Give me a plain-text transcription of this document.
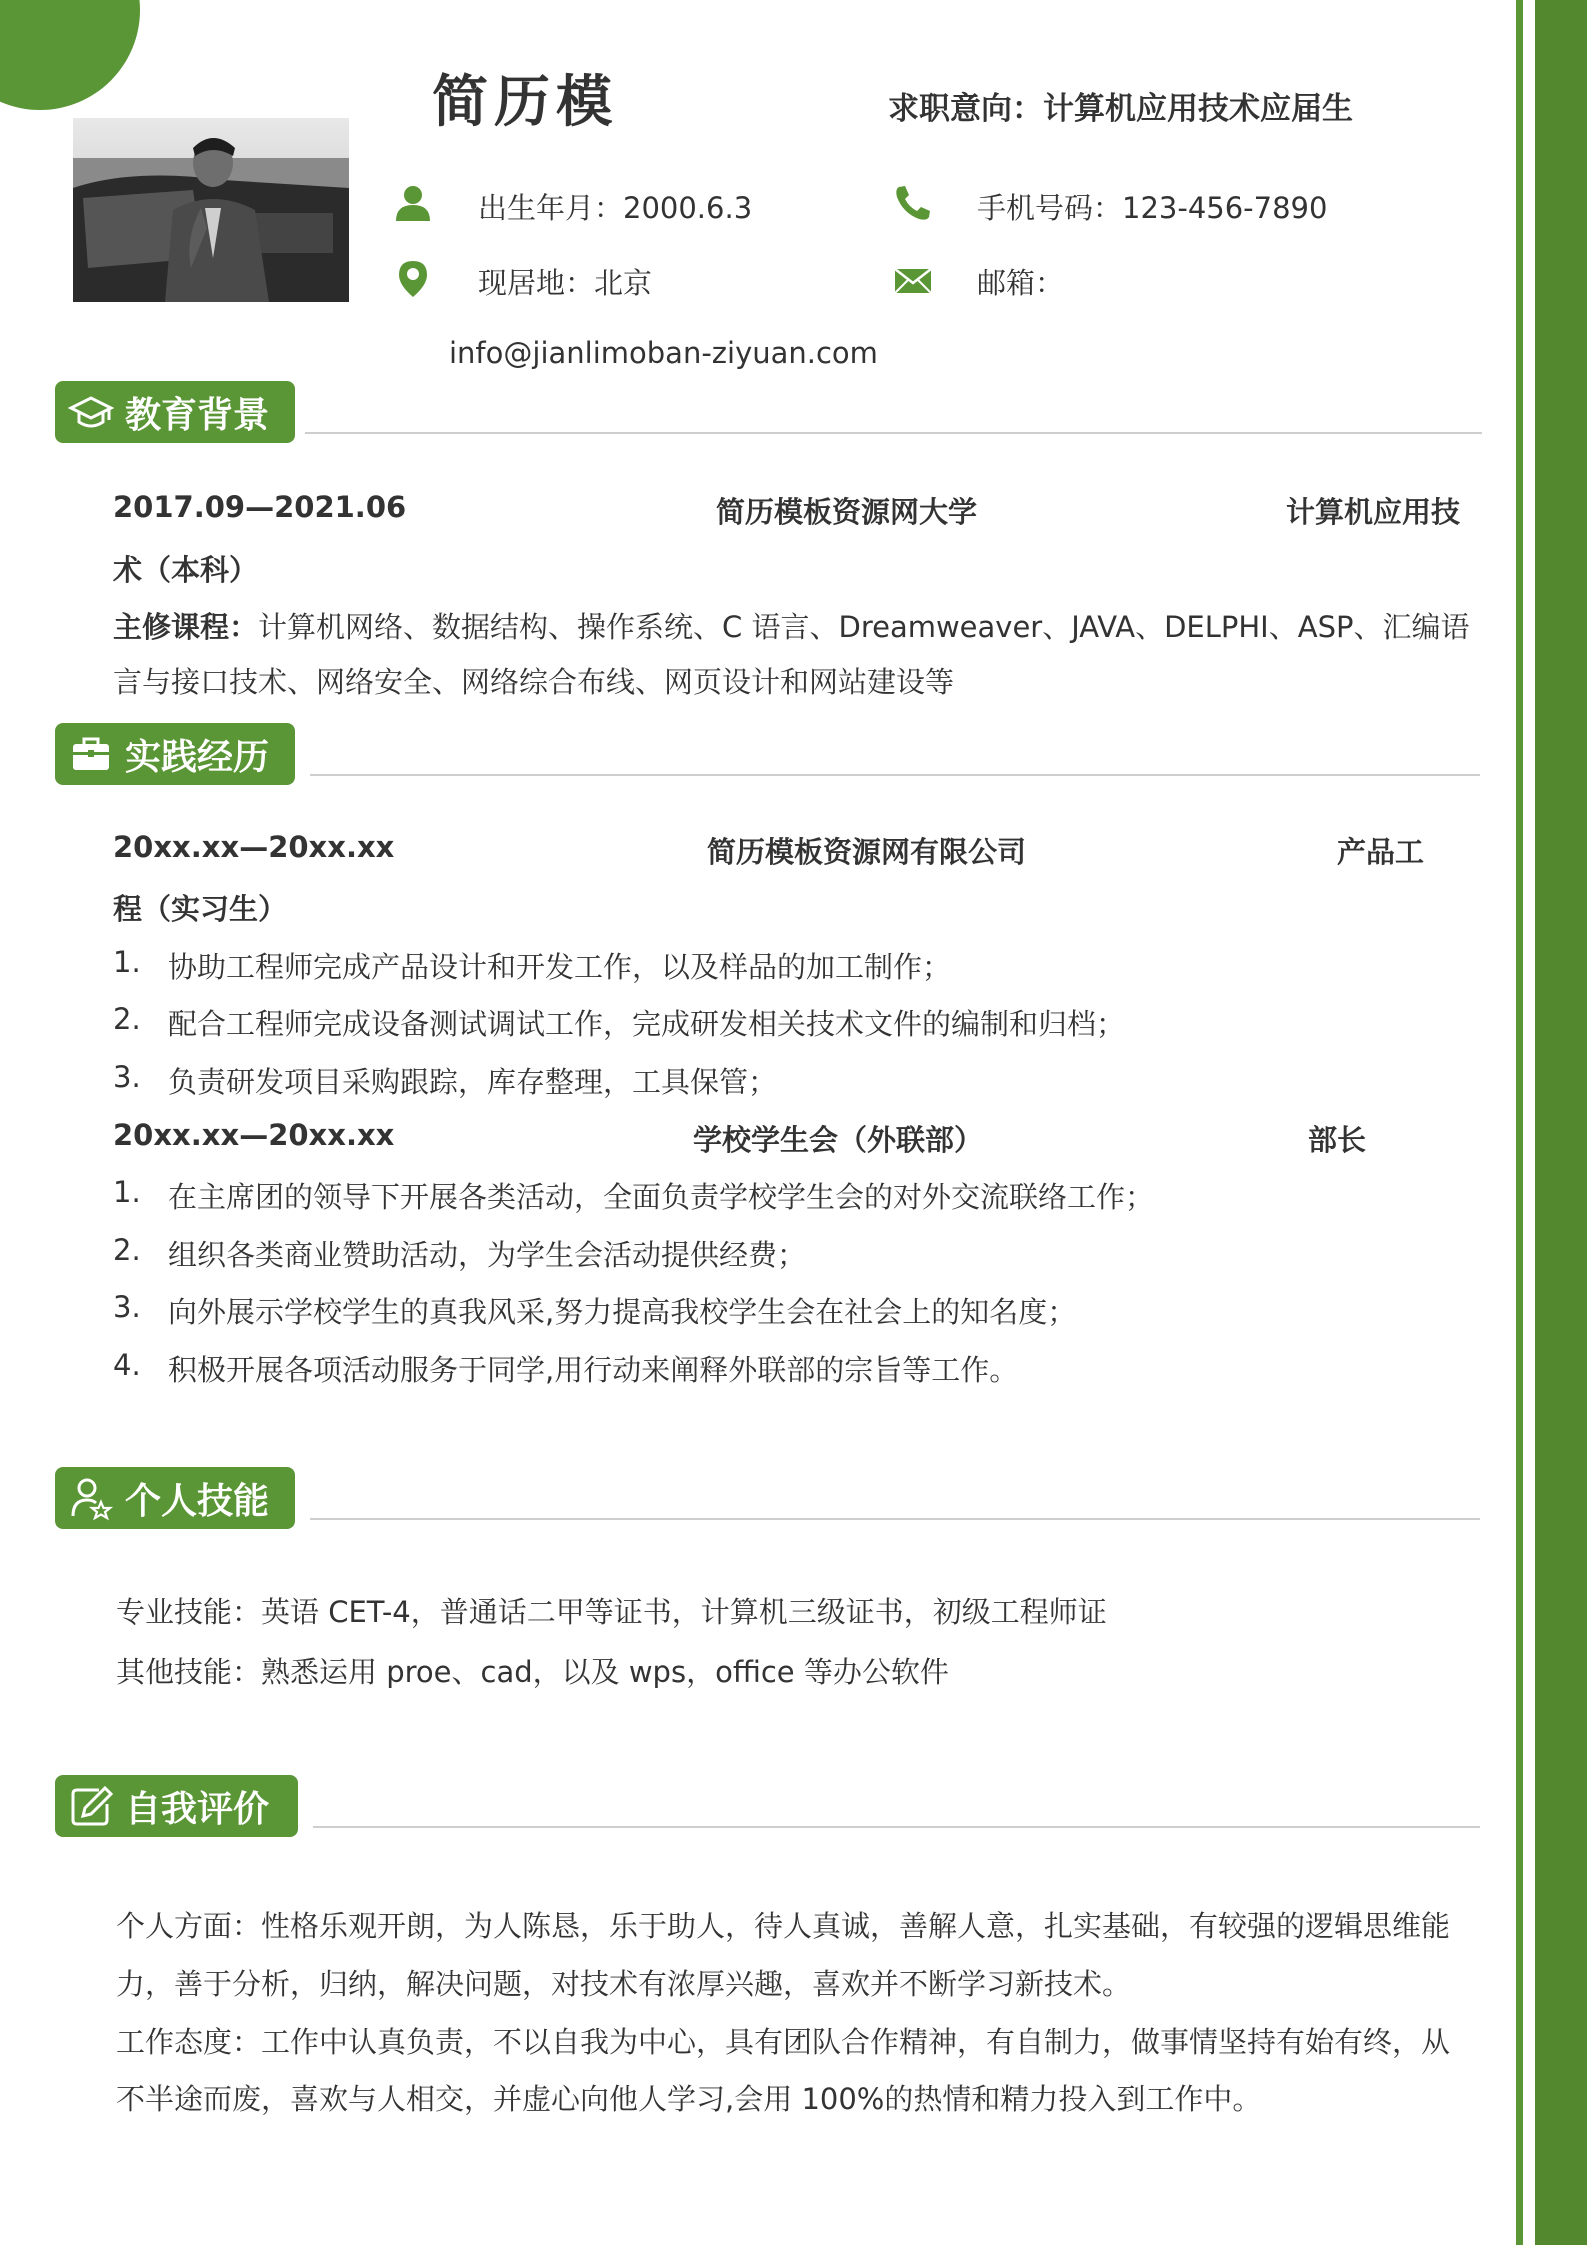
简历模	求职意向：计算机应用技术应届生
出生年月：2000.6.3	手机号码：123-456-7890
现居地：北京	邮箱：
info@jianlimoban-ziyuan.com
教育背景
2017.09—2021.06	简历模板资源网大学	计算机应用技
术（本科）
主修课程：计算机网络、数据结构、操作系统、C 语言、Dreamweaver、JAVA、DELPHI、ASP、汇编语
言与接口技术、网络安全、网络综合布线、网页设计和网站建设等
实践经历
20xx.xx—20xx.xx	简历模板资源网有限公司	产品工
程（实习生）
1. 协助工程师完成产品设计和开发工作，以及样品的加工制作；
2. 配合工程师完成设备测试调试工作，完成研发相关技术文件的编制和归档；
3. 负责研发项目采购跟踪，库存整理，工具保管；
20xx.xx—20xx.xx	学校学生会（外联部）	部长
1. 在主席团的领导下开展各类活动，全面负责学校学生会的对外交流联络工作；
2. 组织各类商业赞助活动，为学生会活动提供经费；
3. 向外展示学校学生的真我风采,努力提高我校学生会在社会上的知名度；
4. 积极开展各项活动服务于同学,用行动来阐释外联部的宗旨等工作。
个人技能
专业技能：英语 CET-4，普通话二甲等证书，计算机三级证书，初级工程师证
其他技能：熟悉运用 proe、cad，以及 wps，office 等办公软件
自我评价
个人方面：性格乐观开朗，为人陈恳，乐于助人，待人真诚，善解人意，扎实基础，有较强的逻辑思维能
力，善于分析，归纳，解决问题，对技术有浓厚兴趣，喜欢并不断学习新技术。
工作态度：工作中认真负责，不以自我为中心，具有团队合作精神，有自制力，做事情坚持有始有终，从
不半途而废，喜欢与人相交，并虚心向他人学习,会用 100%的热情和精力投入到工作中。
